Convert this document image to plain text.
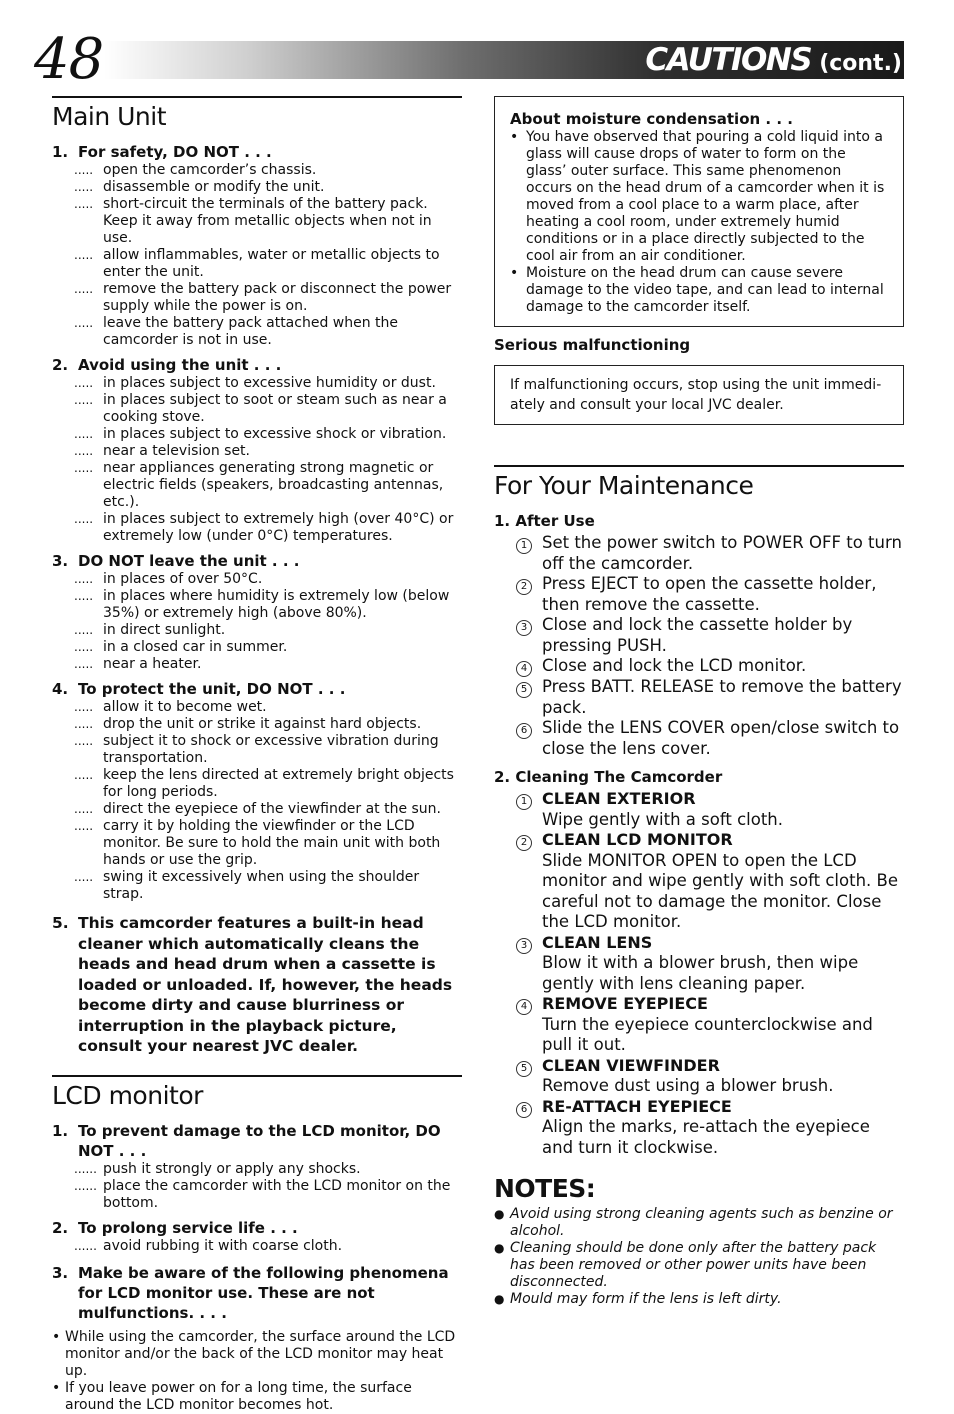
48	CAUTIONS (cont.)
Main Unit
1. For safety, DO NOT . . .
..... open the camcorder’s chassis.
..... disassemble or modify the unit.
..... short-circuit the terminals of the battery pack. Keep it away from metallic objects when not in use.
..... allow inflammables, water or metallic objects to enter the unit.
..... remove the battery pack or disconnect the power supply while the power is on.
..... leave the battery pack attached when the camcorder is not in use.
2. Avoid using the unit . . .
..... in places subject to excessive humidity or dust.
..... in places subject to soot or steam such as near a cooking stove.
..... in places subject to excessive shock or vibration.
..... near a television set.
..... near appliances generating strong magnetic or electric fields (speakers, broadcasting antennas, etc.).
..... in places subject to extremely high (over 40°C) or extremely low (under 0°C) temperatures.
3. DO NOT leave the unit . . .
..... in places of over 50°C.
..... in places where humidity is extremely low (below 35%) or extremely high (above 80%).
..... in direct sunlight.
..... in a closed car in summer.
..... near a heater.
4. To protect the unit, DO NOT . . .
..... allow it to become wet.
..... drop the unit or strike it against hard objects.
..... subject it to shock or excessive vibration during transportation.
..... keep the lens directed at extremely bright objects for long periods.
..... direct the eyepiece of the viewfinder at the sun.
..... carry it by holding the viewfinder or the LCD monitor. Be sure to hold the main unit with both hands or use the grip.
..... swing it excessively when using the shoulder strap.
5. This camcorder features a built-in head cleaner which automatically cleans the heads and head drum when a cassette is loaded or unloaded. If, however, the heads become dirty and cause blurriness or interruption in the playback picture, consult your nearest JVC dealer.
LCD monitor
1. To prevent damage to the LCD monitor, DO NOT . . .
...... push it strongly or apply any shocks.
...... place the camcorder with the LCD monitor on the bottom.
2. To prolong service life . . .
...... avoid rubbing it with coarse cloth.
3. Make be aware of the following phenomena for LCD monitor use. These are not mulfunctions. . . .
• While using the camcorder, the surface around the LCD monitor and/or the back of the LCD monitor may heat up.
• If you leave power on for a long time, the surface around the LCD monitor becomes hot.
About moisture condensation . . .
• You have observed that pouring a cold liquid into a glass will cause drops of water to form on the glass’ outer surface. This same phenomenon occurs on the head drum of a camcorder when it is moved from a cool place to a warm place, after heating a cool room, under extremely humid conditions or in a place directly subjected to the cool air from an air conditioner.
• Moisture on the head drum can cause severe damage to the video tape, and can lead to internal damage to the camcorder itself.
Serious malfunctioning
If malfunctioning occurs, stop using the unit immedi- ately and consult your local JVC dealer.
For Your Maintenance
1. After Use
1 Set the power switch to POWER OFF to turn off the camcorder.
2 Press EJECT to open the cassette holder, then remove the cassette.
3 Close and lock the cassette holder by pressing PUSH.
4 Close and lock the LCD monitor.
5 Press BATT. RELEASE to remove the battery pack.
6 Slide the LENS COVER open/close switch to close the lens cover.
2. Cleaning The Camcorder
1 CLEAN EXTERIOR
Wipe gently with a soft cloth.
2 CLEAN LCD MONITOR
Slide MONITOR OPEN to open the LCD monitor and wipe gently with soft cloth. Be careful not to damage the monitor. Close the LCD monitor.
3 CLEAN LENS
Blow it with a blower brush, then wipe gently with lens cleaning paper.
4 REMOVE EYEPIECE
Turn the eyepiece counterclockwise and pull it out.
5 CLEAN VIEWFINDER
Remove dust using a blower brush.
6 RE-ATTACH EYEPIECE
Align the marks, re-attach the eyepiece and turn it clockwise.
NOTES:
● Avoid using strong cleaning agents such as benzine or alcohol.
● Cleaning should be done only after the battery pack has been removed or other power units have been disconnected.
● Mould may form if the lens is left dirty.
